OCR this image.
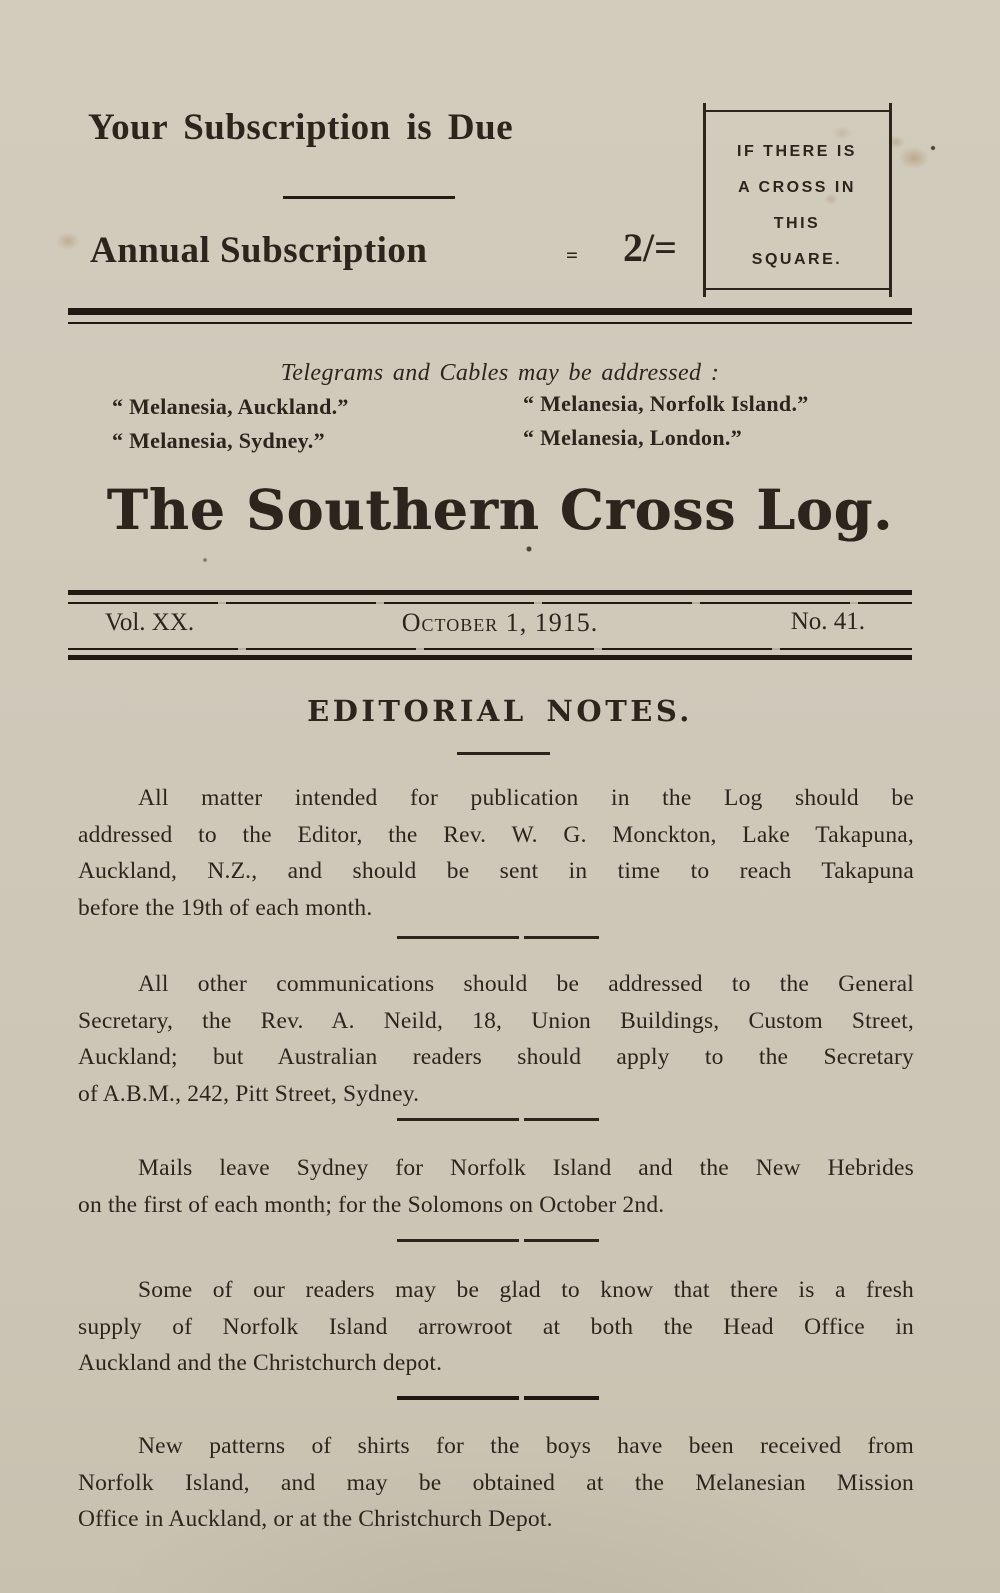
Your Subscription is Due
Annual Subscription	= 2/=
IF THERE IS
A CROSS IN
THIS
SQUARE.
Telegrams and Cables may be addressed :
“ Melanesia, Auckland.”	“ Melanesia, Norfolk Island.”
“ Melanesia, Sydney.”	“ Melanesia, London.”
The Southern Cross Log.
Vol. XX.	October 1, 1915.	No. 41.
EDITORIAL NOTES.
All matter intended for publication in the Log should be
addressed to the Editor, the Rev. W. G. Monckton, Lake Takapuna,
Auckland, N.Z., and should be sent in time to reach Takapuna
before the 19th of each month.
All other communications should be addressed to the General
Secretary, the Rev. A. Neild, 18, Union Buildings, Custom Street,
Auckland; but Australian readers should apply to the Secretary
of A.B.M., 242, Pitt Street, Sydney.
Mails leave Sydney for Norfolk Island and the New Hebrides
on the first of each month; for the Solomons on October 2nd.
Some of our readers may be glad to know that there is a fresh
supply of Norfolk Island arrowroot at both the Head Office in
Auckland and the Christchurch depot.
New patterns of shirts for the boys have been received from
Norfolk Island, and may be obtained at the Melanesian Mission
Office in Auckland, or at the Christchurch Depot.
